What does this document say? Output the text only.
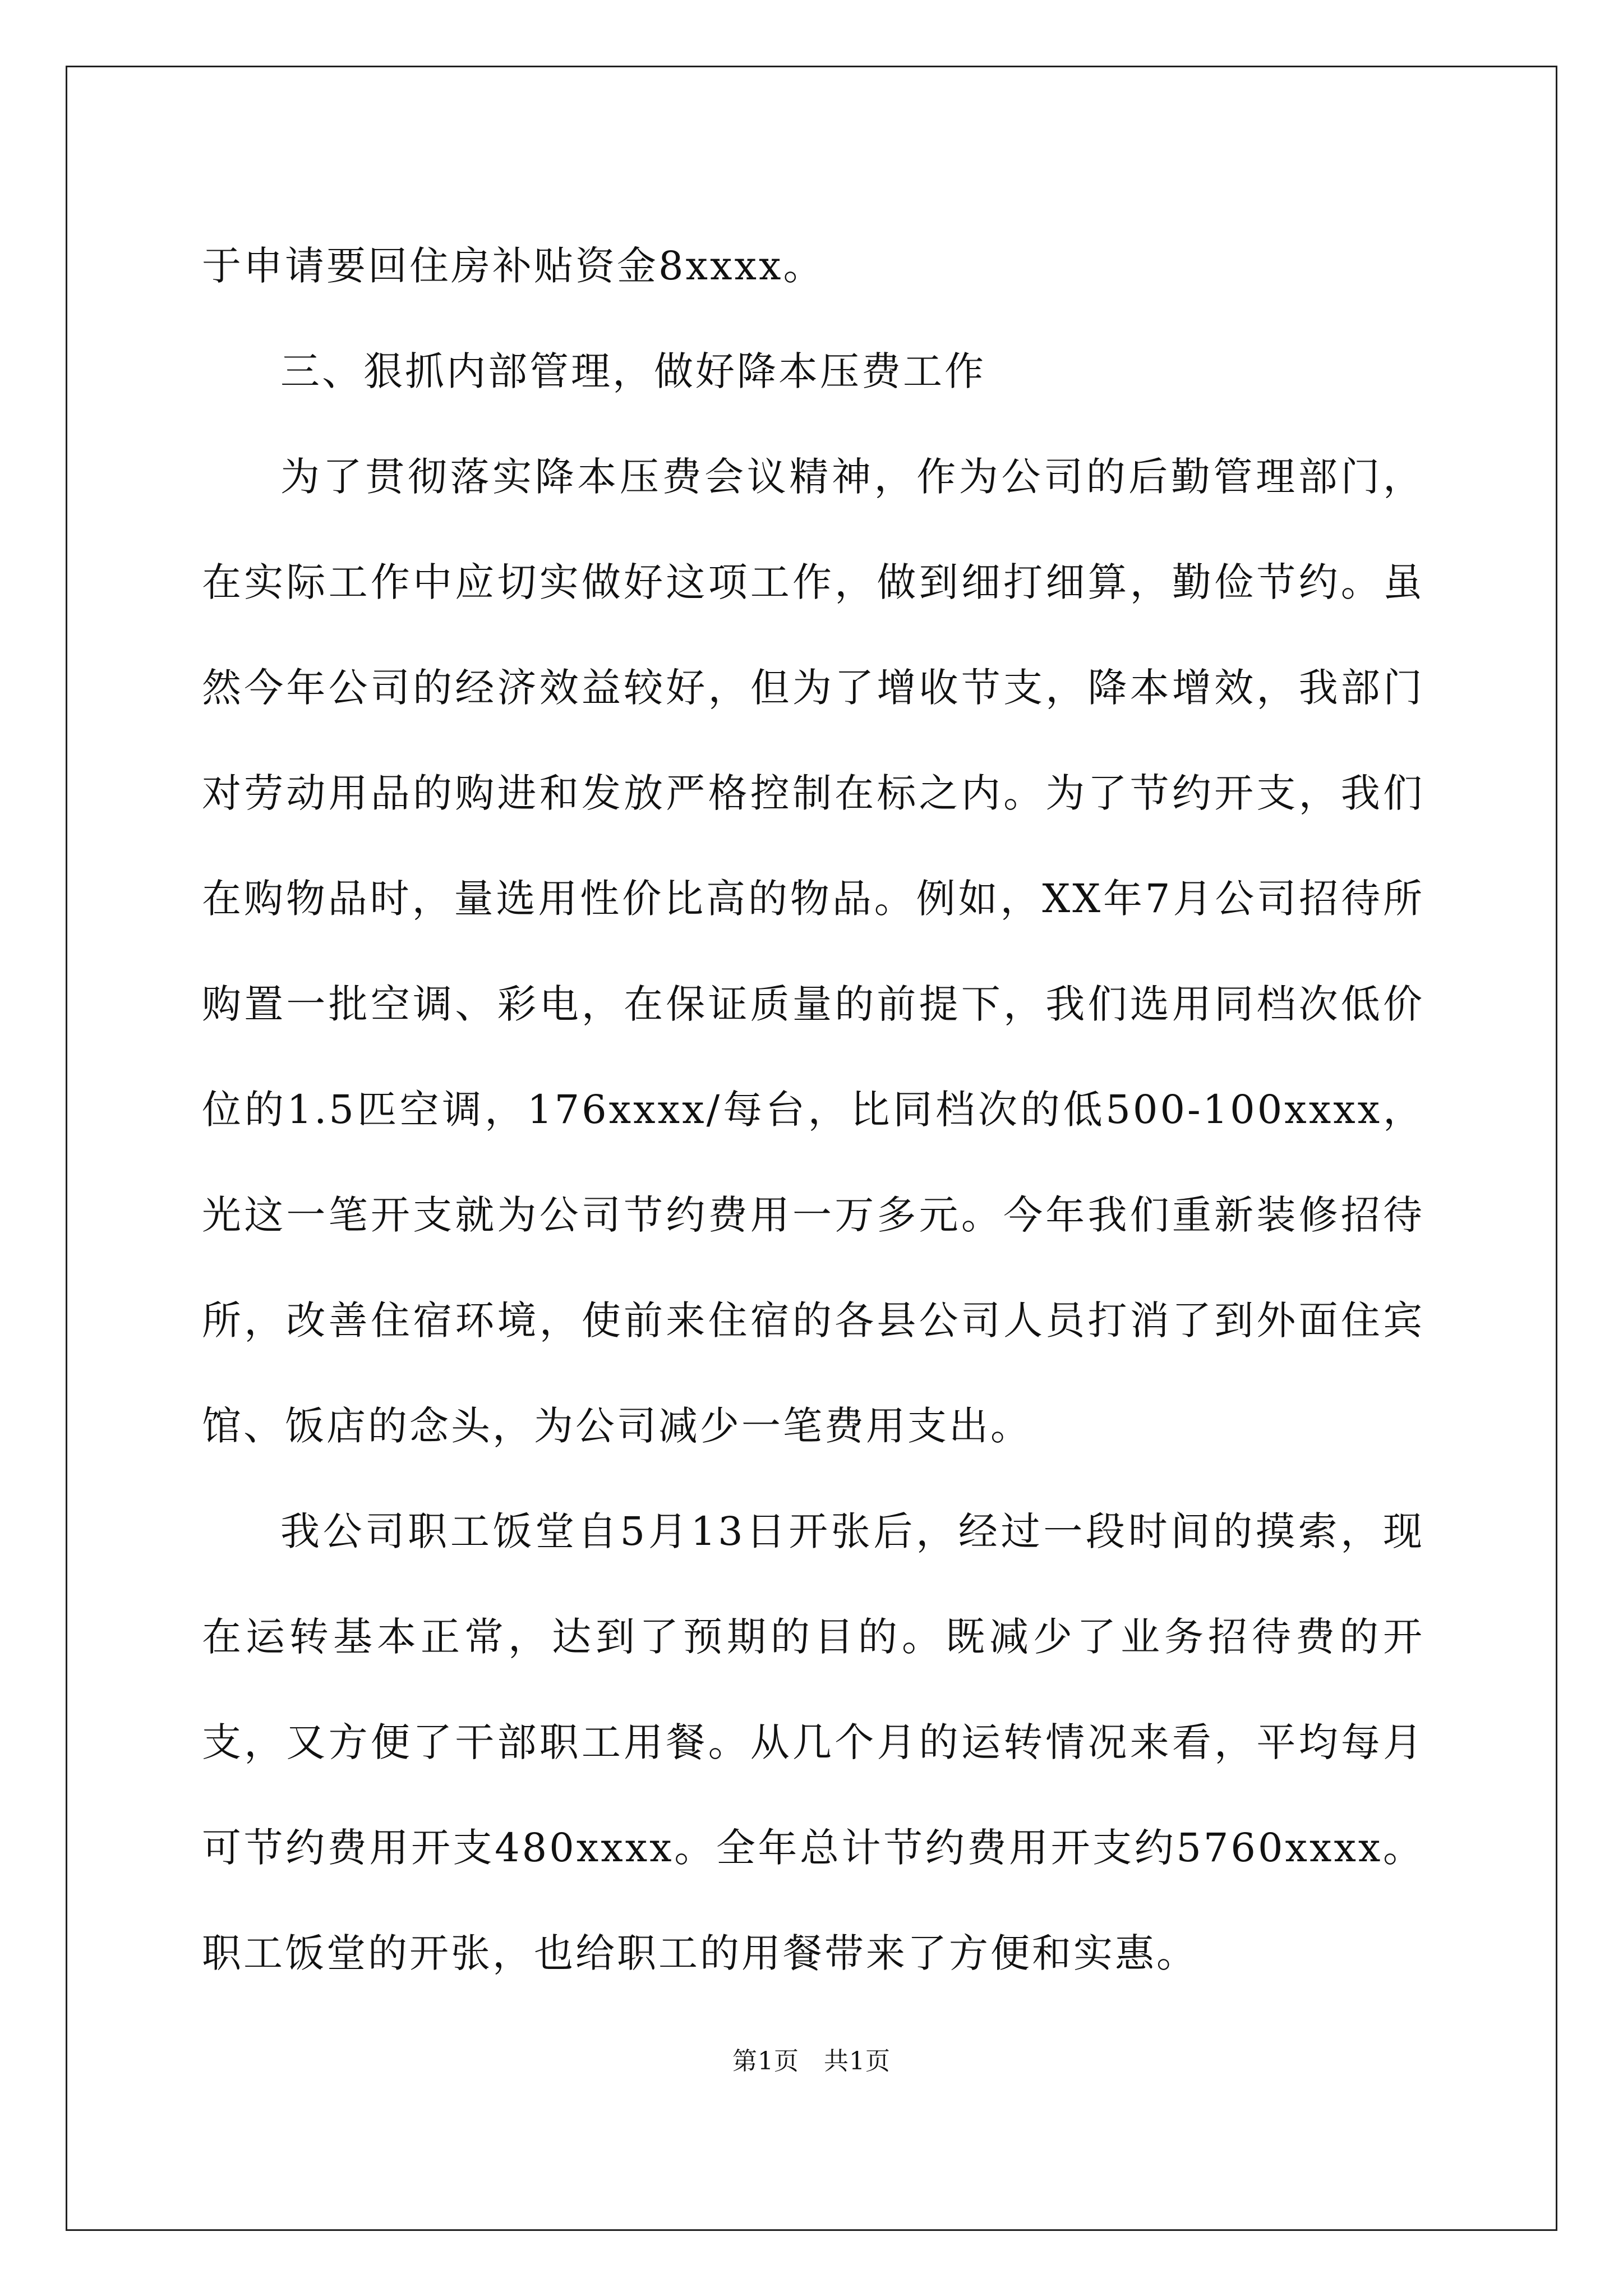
于申请要回住房补贴资金8xxxx。

三、狠抓内部管理，做好降本压费工作

为了贯彻落实降本压费会议精神，作为公司的后勤管理部门，在实际工作中应切实做好这项工作，做到细打细算，勤俭节约。虽然今年公司的经济效益较好，但为了增收节支，降本增效，我部门对劳动用品的购进和发放严格控制在标之内。为了节约开支，我们在购物品时，量选用性价比高的物品。例如，XX年7月公司招待所购置一批空调、彩电，在保证质量的前提下，我们选用同档次低价位的1.5匹空调，176xxxx/每台，比同档次的低500-100xxxx，光这一笔开支就为公司节约费用一万多元。今年我们重新装修招待所，改善住宿环境，使前来住宿的各县公司人员打消了到外面住宾馆、饭店的念头，为公司减少一笔费用支出。

我公司职工饭堂自5月13日开张后，经过一段时间的摸索，现在运转基本正常，达到了预期的目的。既减少了业务招待费的开支，又方便了干部职工用餐。从几个月的运转情况来看，平均每月可节约费用开支480xxxx。全年总计节约费用开支约5760xxxx。职工饭堂的开张，也给职工的用餐带来了方便和实惠。

第1页 共1页
